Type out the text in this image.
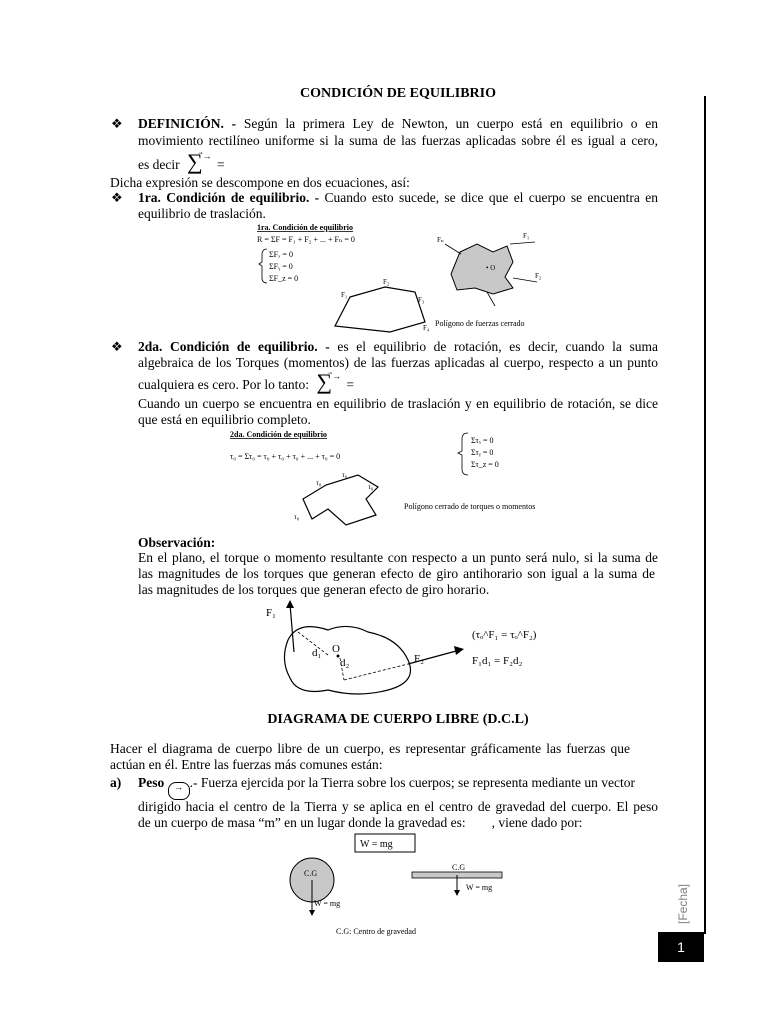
CONDICIÓN DE EQUILIBRIO
❖ DEFINICIÓN. - Según la primera Ley de Newton, un cuerpo está en equilibrio o en
movimiento rectilíneo uniforme si la suma de las fuerzas aplicadas sobre él es igual a cero,
es decir ∑⃗→ =
Dicha expresión se descompone en dos ecuaciones, así:
❖ 1ra. Condición de equilibrio. - Cuando esto sucede, se dice que el cuerpo se encuentra en
equilibrio de traslación.
1ra. Condición de equilibrio
R = ΣF = F₁ + F₂ + ... + Fₙ = 0
ΣFₓ = 0
ΣFᵧ = 0
ΣF_z = 0
• O
Fₙ	F₁
F₂
F₁
F₂
F₃
F₄ Polígono de fuerzas cerrado
❖ 2da. Condición de equilibrio. - es el equilibrio de rotación, es decir, cuando la suma
algebraica de los Torques (momentos) de las fuerzas aplicadas al cuerpo, respecto a un punto
cualquiera es cero. Por lo tanto: ∑⃗→ =
Cuando un cuerpo se encuentra en equilibrio de traslación y en equilibrio de rotación, se dice
que está en equilibrio completo.
2da. Condición de equilibrio
τ₀ = Στ₀ = τ₀ + τ₀ + τ₀ + ... + τ₀ = 0
Στₓ = 0
Στᵧ = 0
Στ_z = 0
τ₀
τ₀
τ₀
τ₀
Polígono cerrado de torques o momentos
Observación:
En el plano, el torque o momento resultante con respecto a un punto será nulo, si la suma de
las magnitudes de los torques que generan efecto de giro antihorario son igual a la suma de
las magnitudes de los torques que generan efecto de giro horario.
F₁
F₂
O
d₁
d₂
(τₒ^F₁ = τₒ^F₂)
F₁d₁ = F₂d₂
DIAGRAMA DE CUERPO LIBRE (D.C.L)
Hacer el diagrama de cuerpo libre de un cuerpo, es representar gráficamente las fuerzas que
actúan en él. Entre las fuerzas más comunes están:
a) Peso → .- Fuerza ejercida por la Tierra sobre los cuerpos; se representa mediante un vector
dirigido hacia el centro de la Tierra y se aplica en el centro de gravedad del cuerpo. El peso
de un cuerpo de masa “m” en un lugar donde la gravedad es: , viene dado por:
W = mg
C.G
W = mg
C.G
W = mg
C.G: Centro de gravedad
[Fecha]
1
